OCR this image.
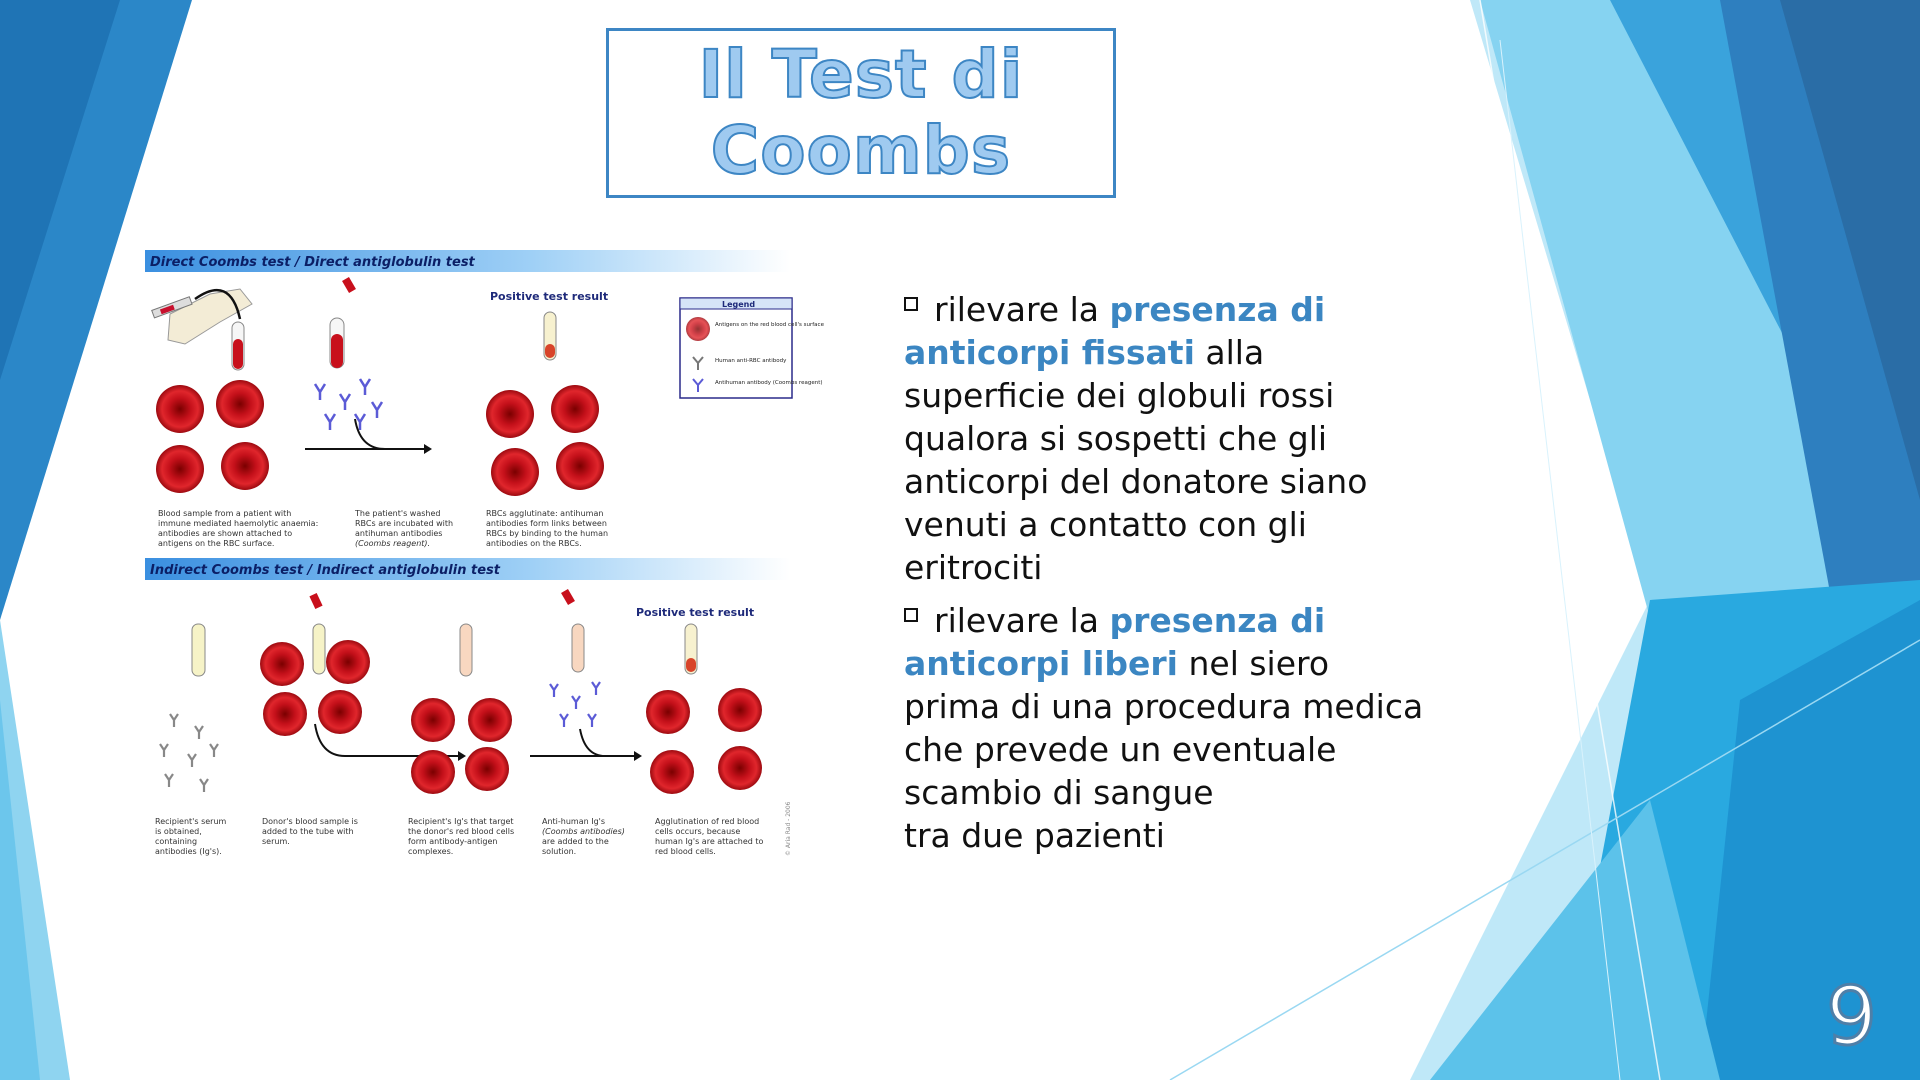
Il Test di
Coombs
Direct Coombs test / Direct antiglobulin test
Positive test result
Legend
Antigens on the red blood cell's surface
Human anti-RBC antibody
Antihuman antibody (Coombs reagent)
Blood sample from a patient with
immune mediated haemolytic anaemia:
antibodies are shown attached to
antigens on the RBC surface.
The patient's washed
RBCs are incubated with
antihuman antibodies
(Coombs reagent).
RBCs agglutinate: antihuman
antibodies form links between
RBCs by binding to the human
antibodies on the RBCs.
Indirect Coombs test / Indirect antiglobulin test
Positive test result
Recipient's serum
is obtained,
containing
antibodies (Ig's).
Donor's blood sample is
added to the tube with
serum.
Recipient's Ig's that target
the donor's red blood cells
form antibody-antigen
complexes.
Anti-human Ig's
(Coombs antibodies)
are added to the
solution.
Agglutination of red blood
cells occurs, because
human Ig's are attached to
red blood cells.	© Aria Rad - 2006

rilevare la presenza di anticorpi fissati alla superficie dei globuli rossi qualora si sospetti che gli anticorpi del donatore siano venuti a contatto con gli eritrociti

rilevare la presenza di anticorpi liberi nel siero prima di una procedura medica che prevede un eventuale scambio di sangue
tra due pazienti

9
